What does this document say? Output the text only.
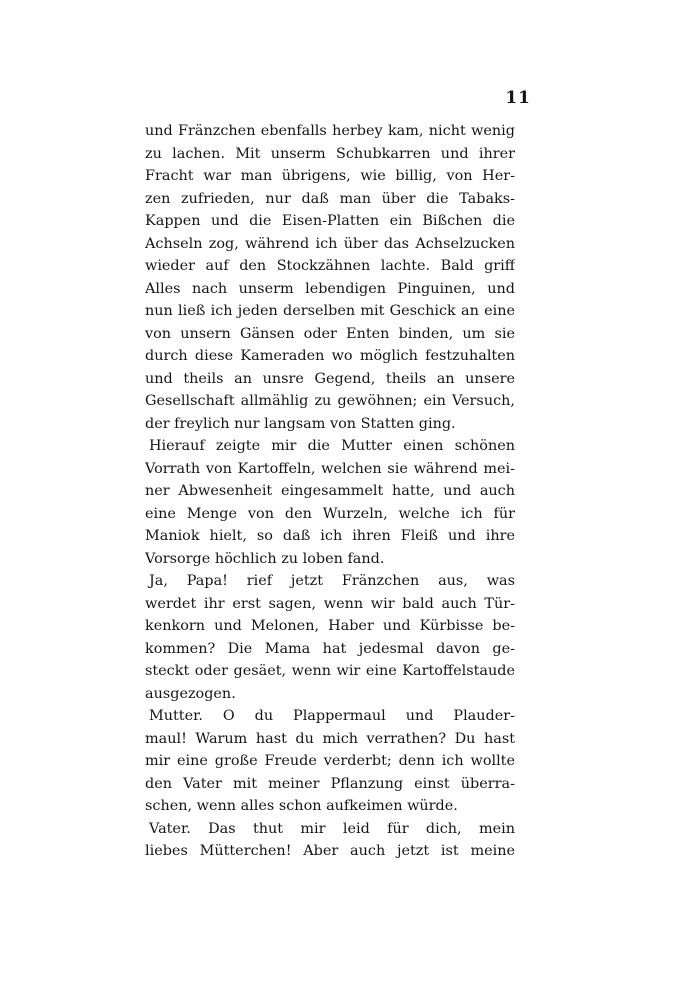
11
und Fränzchen ebenfalls herbey kam, nicht wenig
zu lachen. Mit unserm Schubkarren und ihrer
Fracht war man übrigens, wie billig, von Her-
zen zufrieden, nur daß man über die Tabaks-
Kappen und die Eisen-Platten ein Bißchen die
Achseln zog, während ich über das Achselzucken
wieder auf den Stockzähnen lachte. Bald griff
Alles nach unserm lebendigen Pinguinen, und
nun ließ ich jeden derselben mit Geschick an eine
von unsern Gänsen oder Enten binden, um sie
durch diese Kameraden wo möglich festzuhalten
und theils an unsre Gegend, theils an unsere
Gesellschaft allmählig zu gewöhnen; ein Versuch,
der freylich nur langsam von Statten ging.
Hierauf zeigte mir die Mutter einen schönen
Vorrath von Kartoffeln, welchen sie während mei-
ner Abwesenheit eingesammelt hatte, und auch
eine Menge von den Wurzeln, welche ich für
Maniok hielt, so daß ich ihren Fleiß und ihre
Vorsorge höchlich zu loben fand.
Ja, Papa! rief jetzt Fränzchen aus, was
werdet ihr erst sagen, wenn wir bald auch Tür-
kenkorn und Melonen, Haber und Kürbisse be-
kommen? Die Mama hat jedesmal davon ge-
steckt oder gesäet, wenn wir eine Kartoffelstaude
ausgezogen.
Mutter. O du Plappermaul und Plauder-
maul! Warum hast du mich verrathen? Du hast
mir eine große Freude verderbt; denn ich wollte
den Vater mit meiner Pflanzung einst überra-
schen, wenn alles schon aufkeimen würde.
Vater. Das thut mir leid für dich, mein
liebes Mütterchen! Aber auch jetzt ist meine
